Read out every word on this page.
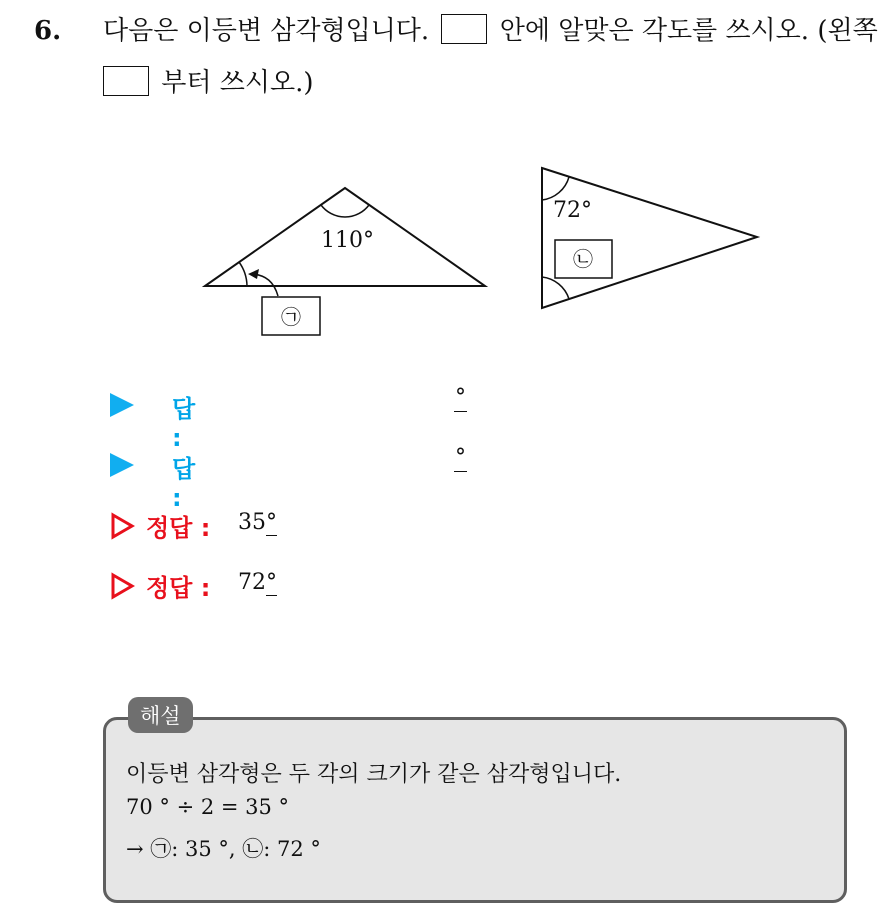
6. 다음은 이등변 삼각형입니다.	안에 알맞은 각도를 쓰시오. (왼쪽
부터 쓰시오.)
110°
㉠
72°
㉡
답 :
°
답 :
°
정답 : 35°
정답 : 72°
해설
이등변 삼각형은 두 각의 크기가 같은 삼각형입니다.
70 ° ÷ 2 = 35 °
→ ㉠: 35 °, ㉡: 72 °
